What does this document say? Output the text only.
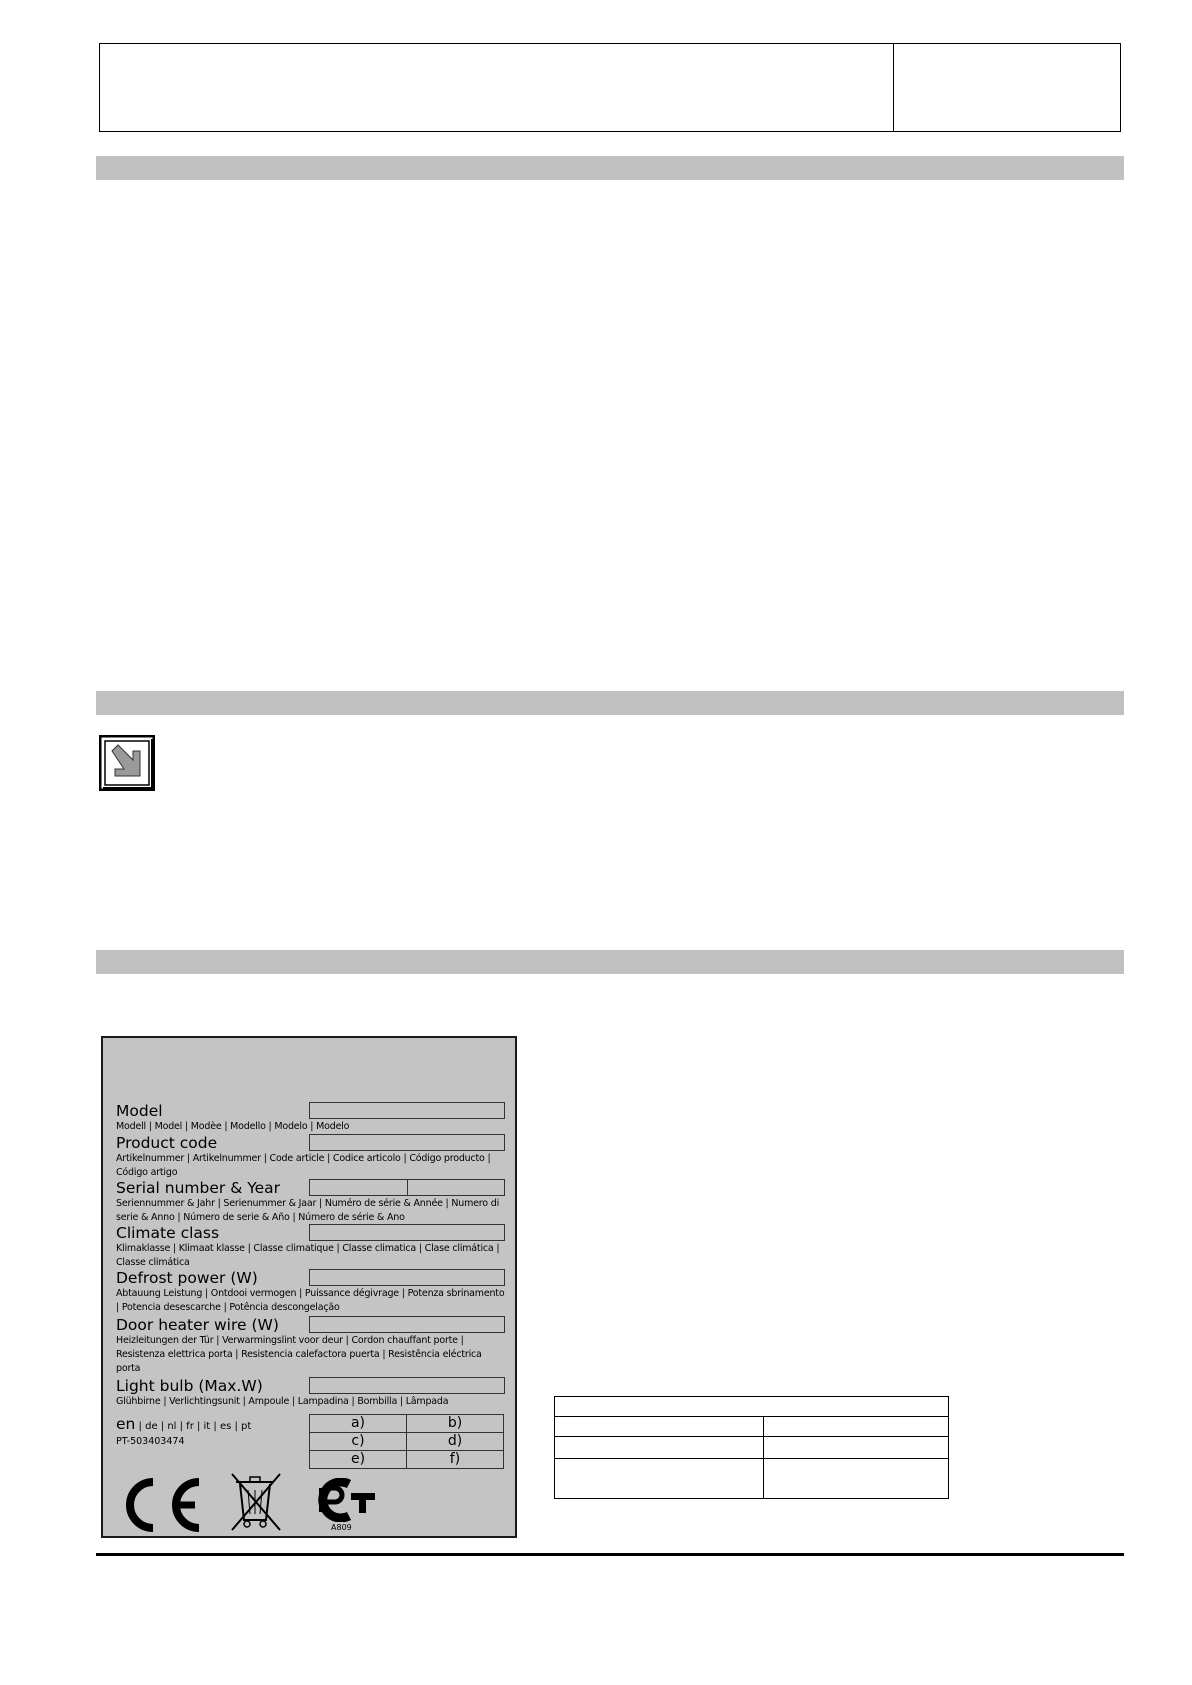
Model
Modell | Model | Modèe | Modello | Modelo | Modelo
Product code
Artikelnummer | Artikelnummer | Code article | Codice articolo | Código producto | Código artigo
Serial number & Year
Seriennummer & Jahr | Serienummer & Jaar | Numéro de série & Année | Numero di serie & Anno | Número de serie & Año | Número de série & Ano
Climate class
Klimaklasse | Klimaat klasse | Classe climatique | Classe climatica | Clase climática | Classe climática
Defrost power (W)
Abtauung Leistung | Ontdooi vermogen | Puissance dégivrage | Potenza sbrinamento | Potencia desescarche | Potência descongelação
Door heater wire (W)
Heizleitungen der Tür | Verwarmingslint voor deur | Cordon chauffant porte | Resistenza elettrica porta | Resistencia calefactora puerta | Resistência eléctrica porta
Light bulb (Max.W)
Glühbirne | Verlichtingsunit | Ampoule | Lampadina | Bombilla | Lâmpada
en | de | nl | fr | it | es | pt
PT-503403474
a)	b)
c)	d)
e)	f)
A809
